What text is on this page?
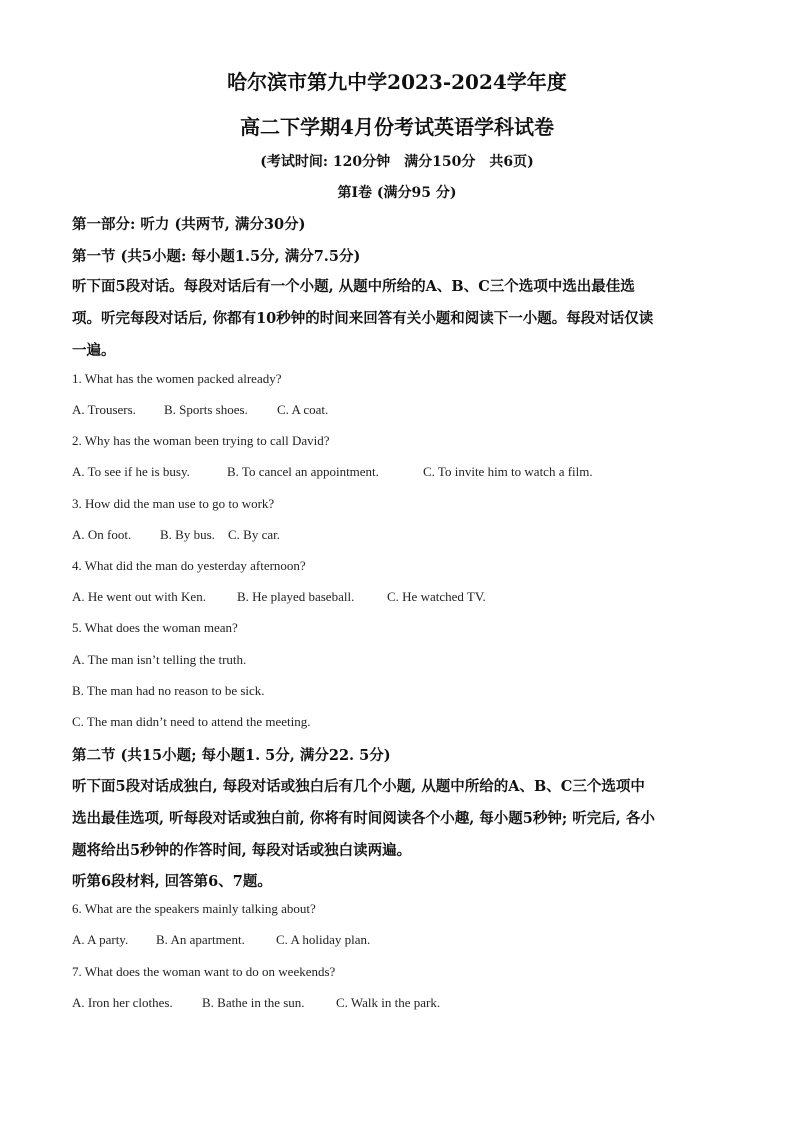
哈尔滨市第九中学2023-2024学年度
高二下学期4月份考试英语学科试卷
(考试时间: 120分钟　满分150分　共6页)
第I卷 (满分95 分)
第一部分: 听力 (共两节, 满分30分)
第一节 (共5小题: 每小题1.5分, 满分7.5分)
听下面5段对话。每段对话后有一个小题, 从题中所给的A、B、C三个选项中选出最佳选
项。听完每段对话后, 你都有10秒钟的时间来回答有关小题和阅读下一小题。每段对话仅读
一遍。
1. What has the women packed already?
A. Trousers. B. Sports shoes. C. A coat.
2. Why has the woman been trying to call David?
A. To see if he is busy.	B. To cancel an appointment.	C. To invite him to watch a film.
3. How did the man use to go to work?
A. On foot. B. By bus. C. By car.
4. What did the man do yesterday afternoon?
A. He went out with Ken. B. He played baseball.	C. He watched TV.
5. What does the woman mean?
A. The man isn’t telling the truth.
B. The man had no reason to be sick.
C. The man didn’t need to attend the meeting.
第二节 (共15小题; 每小题1. 5分, 满分22. 5分)
听下面5段对话成独白, 每段对话或独白后有几个小题, 从题中所给的A、B、C三个选项中
选出最佳选项, 听每段对话或独白前, 你将有时间阅读各个小趣, 每小题5秒钟; 听完后, 各小
题将给出5秒钟的作答时间, 每段对话或独白读两遍。
听第6段材料, 回答第6、7题。
6. What are the speakers mainly talking about?
A. A party. B. An apartment. C. A holiday plan.
7. What does the woman want to do on weekends?
A. Iron her clothes. B. Bathe in the sun. C. Walk in the park.
